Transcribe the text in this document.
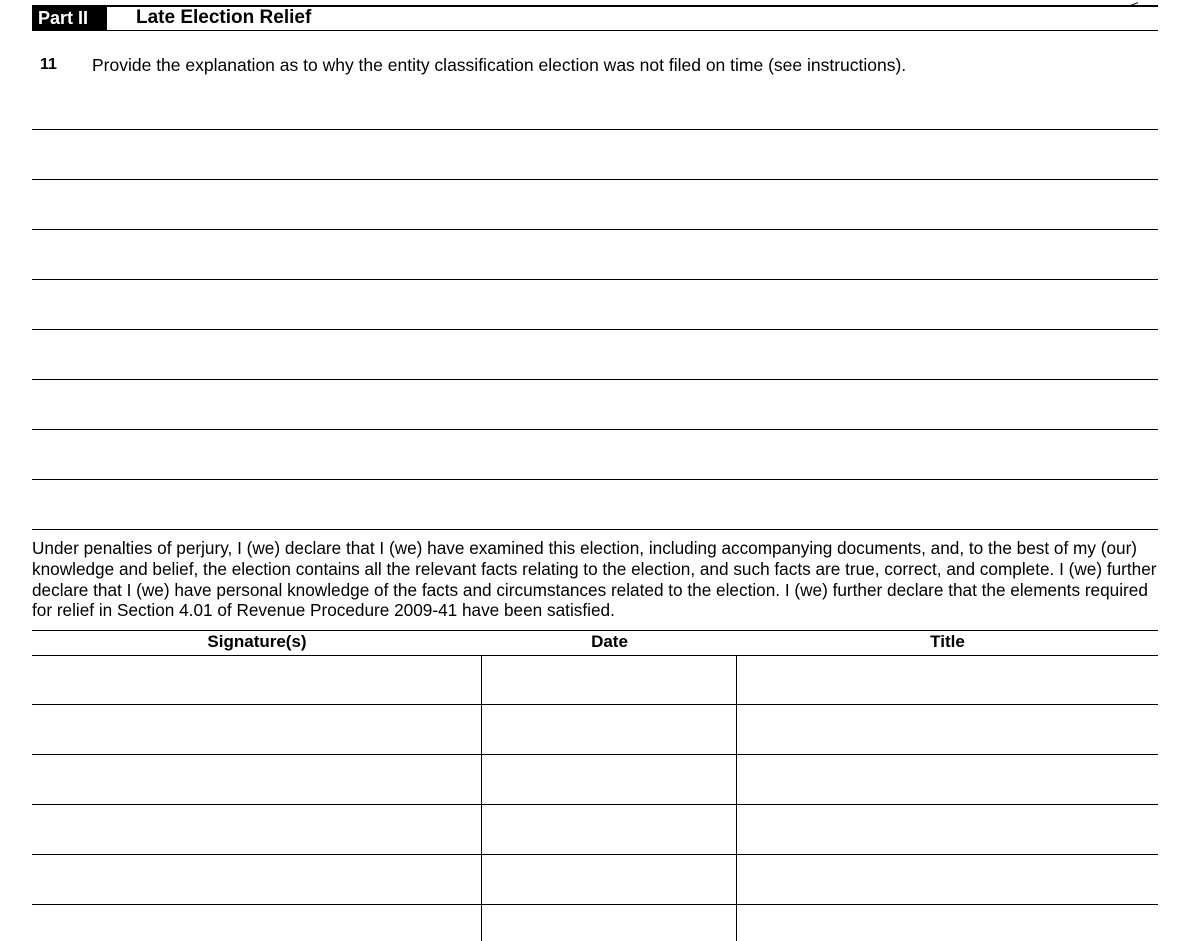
Part II	Late Election Relief
11 Provide the explanation as to why the entity classification election was not filed on time (see instructions).
Under penalties of perjury, I (we) declare that I (we) have examined this election, including accompanying documents, and, to the best of my (our) knowledge and belief, the election contains all the relevant facts relating to the election, and such facts are true, correct, and complete. I (we) further declare that I (we) have personal knowledge of the facts and circumstances related to the election. I (we) further declare that the elements required for relief in Section 4.01 of Revenue Procedure 2009-41 have been satisfied.
Signature(s)	Date	Title
